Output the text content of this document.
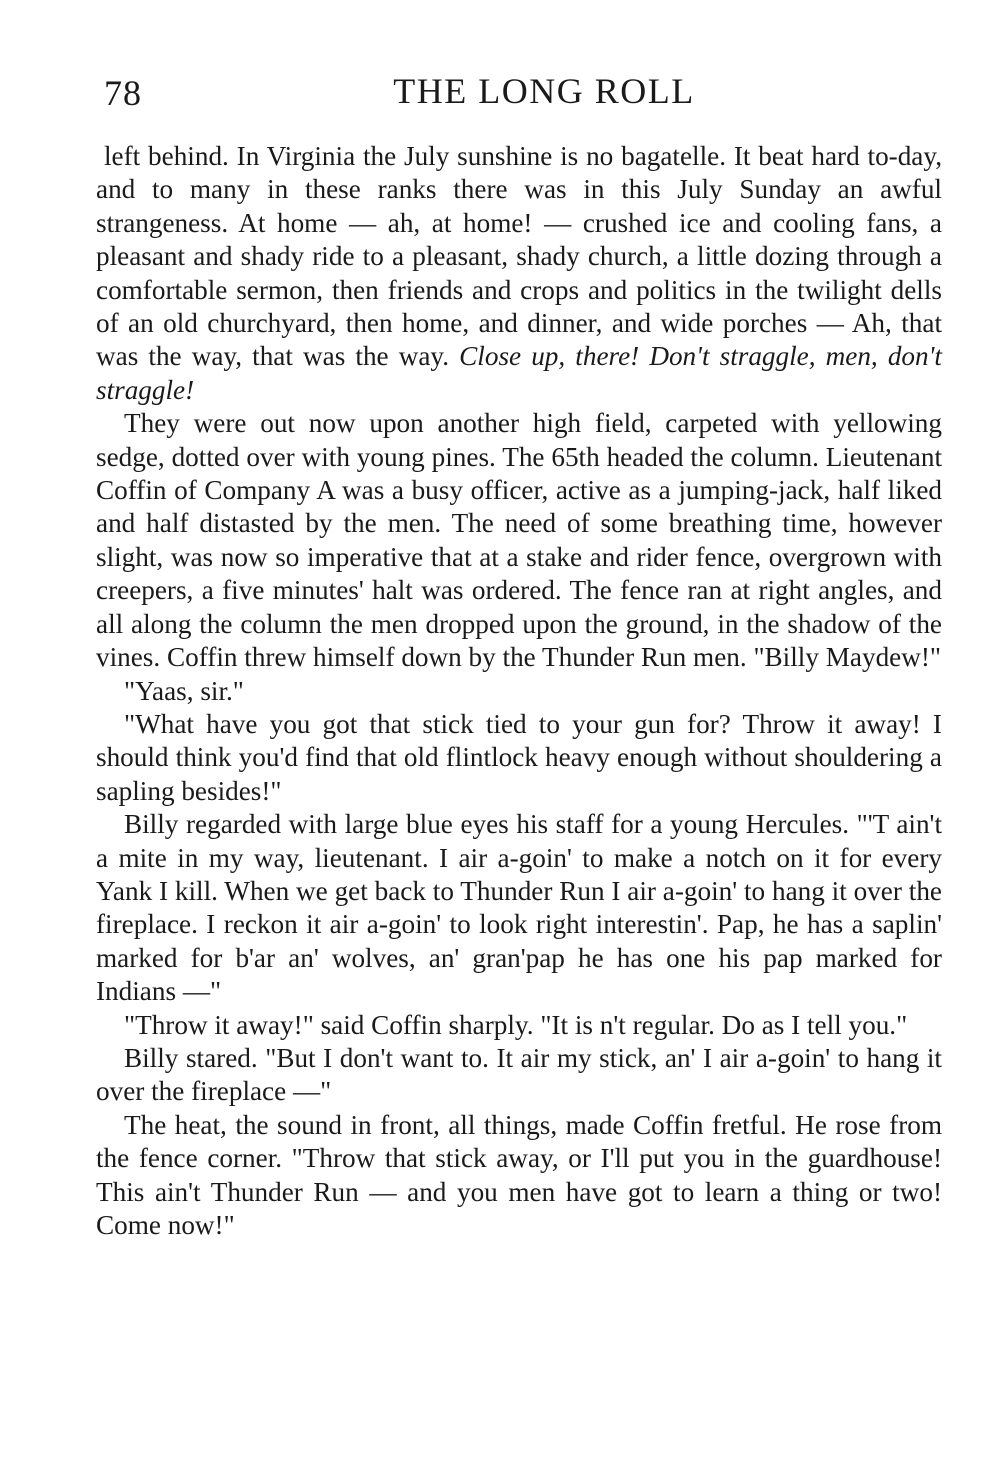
78	THE LONG ROLL

left behind. In Virginia the July sunshine is no bagatelle. It beat hard to-day, and to many in these ranks there was in this July Sunday an awful strangeness. At home — ah, at home! — crushed ice and cooling fans, a pleasant and shady ride to a pleasant, shady church, a little dozing through a comfortable sermon, then friends and crops and politics in the twilight dells of an old churchyard, then home, and dinner, and wide porches — Ah, that was the way, that was the way. Close up, there! Don't straggle, men, don't straggle!

They were out now upon another high field, carpeted with yellowing sedge, dotted over with young pines. The 65th headed the column. Lieutenant Coffin of Company A was a busy officer, active as a jumping-jack, half liked and half distasted by the men. The need of some breathing time, however slight, was now so imperative that at a stake and rider fence, overgrown with creepers, a five minutes' halt was ordered. The fence ran at right angles, and all along the column the men dropped upon the ground, in the shadow of the vines. Coffin threw himself down by the Thunder Run men. "Billy Maydew!"

"Yaas, sir."

"What have you got that stick tied to your gun for? Throw it away! I should think you'd find that old flintlock heavy enough without shouldering a sapling besides!"

Billy regarded with large blue eyes his staff for a young Hercules. "'T ain't a mite in my way, lieutenant. I air a-goin' to make a notch on it for every Yank I kill. When we get back to Thunder Run I air a-goin' to hang it over the fireplace. I reckon it air a-goin' to look right interestin'. Pap, he has a saplin' marked for b'ar an' wolves, an' gran'pap he has one his pap marked for Indians —"

"Throw it away!" said Coffin sharply. "It is n't regular. Do as I tell you."

Billy stared. "But I don't want to. It air my stick, an' I air a-goin' to hang it over the fireplace —"

The heat, the sound in front, all things, made Coffin fretful. He rose from the fence corner. "Throw that stick away, or I'll put you in the guardhouse! This ain't Thunder Run — and you men have got to learn a thing or two! Come now!"
